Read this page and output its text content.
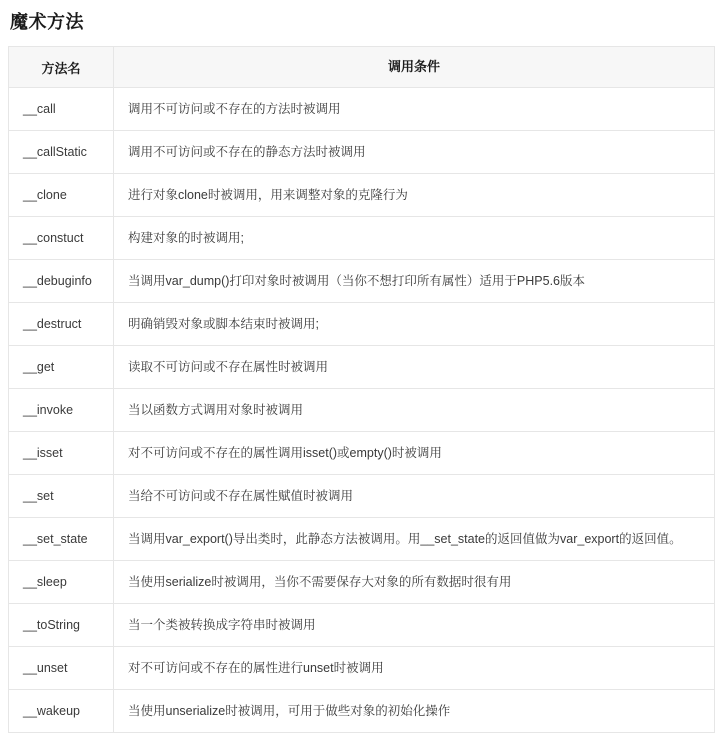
魔术方法
方法名	调用条件
__call	调用不可访问或不存在的方法时被调用
__callStatic	调用不可访问或不存在的静态方法时被调用
__clone	进行对象clone时被调用，用来调整对象的克隆行为
__constuct	构建对象的时被调用;
__debuginfo	当调用var_dump()打印对象时被调用（当你不想打印所有属性）适用于PHP5.6版本
__destruct	明确销毁对象或脚本结束时被调用;
__get	读取不可访问或不存在属性时被调用
__invoke	当以函数方式调用对象时被调用
__isset	对不可访问或不存在的属性调用isset()或empty()时被调用
__set	当给不可访问或不存在属性赋值时被调用
__set_state	当调用var_export()导出类时，此静态方法被调用。用__set_state的返回值做为var_export的返回值。
__sleep	当使用serialize时被调用，当你不需要保存大对象的所有数据时很有用
__toString	当一个类被转换成字符串时被调用
__unset	对不可访问或不存在的属性进行unset时被调用
__wakeup	当使用unserialize时被调用，可用于做些对象的初始化操作
